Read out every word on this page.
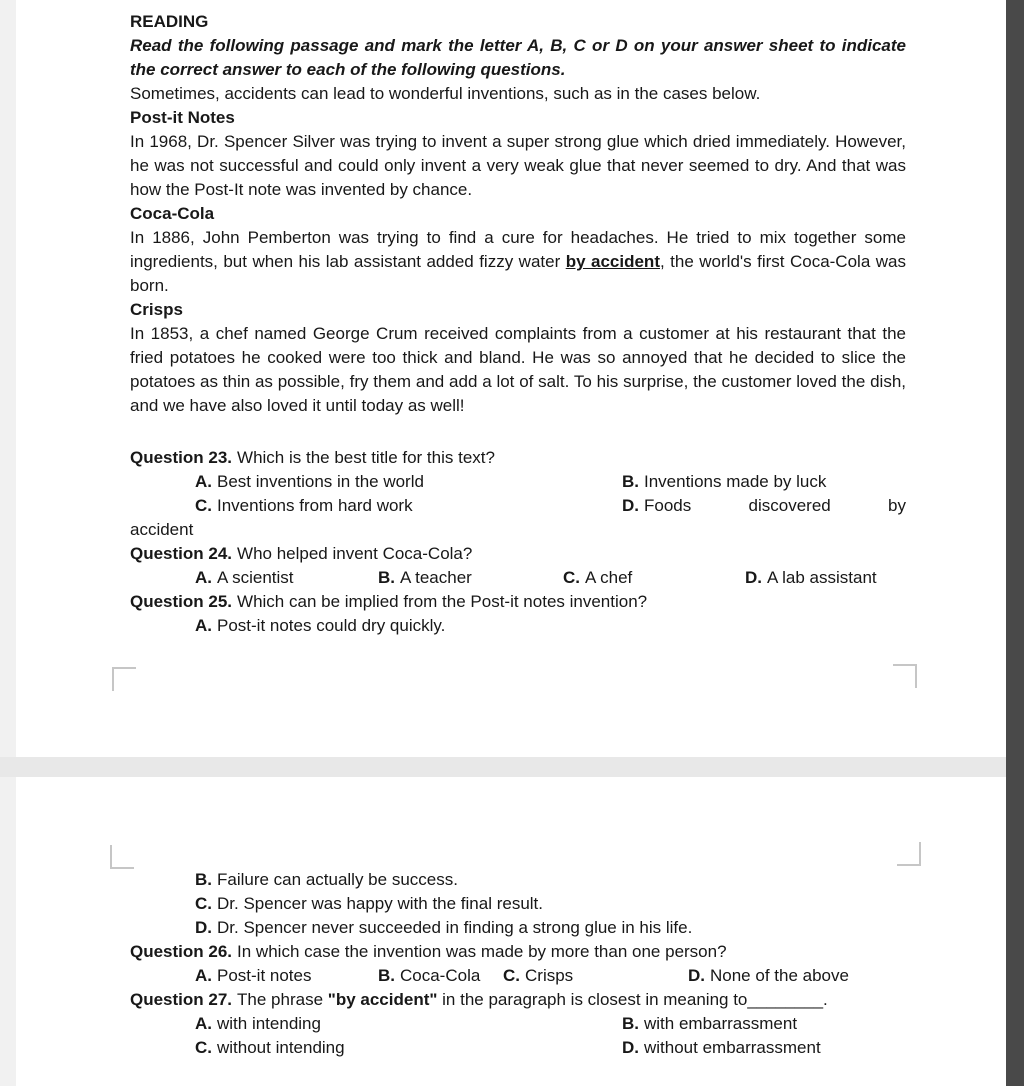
READING

Read the following passage and mark the letter A, B, C or D on your answer sheet to indicate the correct answer to each of the following questions.

Sometimes, accidents can lead to wonderful inventions, such as in the cases below.

Post-it Notes

In 1968, Dr. Spencer Silver was trying to invent a super strong glue which dried immediately. However, he was not successful and could only invent a very weak glue that never seemed to dry. And that was how the Post-It note was invented by chance.

Coca-Cola

In 1886, John Pemberton was trying to find a cure for headaches. He tried to mix together some ingredients, but when his lab assistant added fizzy water by accident, the world's first Coca-Cola was born.

Crisps

In 1853, a chef named George Crum received complaints from a customer at his restaurant that the fried potatoes he cooked were too thick and bland. He was so annoyed that he decided to slice the potatoes as thin as possible, fry them and add a lot of salt. To his surprise, the customer loved the dish, and we have also loved it until today as well!

Question 23. Which is the best title for this text?

A. Best inventions in the world	B. Inventions made by luck
C. Inventions from hard work	D. Foods discovered by

accident

Question 24. Who helped invent Coca-Cola?

A. A scientist	B. A teacher	C. A chef	D. A lab assistant

Question 25. Which can be implied from the Post-it notes invention?

A. Post-it notes could dry quickly.

B. Failure can actually be success.

C. Dr. Spencer was happy with the final result.

D. Dr. Spencer never succeeded in finding a strong glue in his life.

Question 26. In which case the invention was made by more than one person?

A. Post-it notes	B. Coca-Cola	C. Crisps	D. None of the above

Question 27. The phrase "by accident" in the paragraph is closest in meaning to________.

A. with intending	B. with embarrassment
C. without intending	D. without embarrassment
